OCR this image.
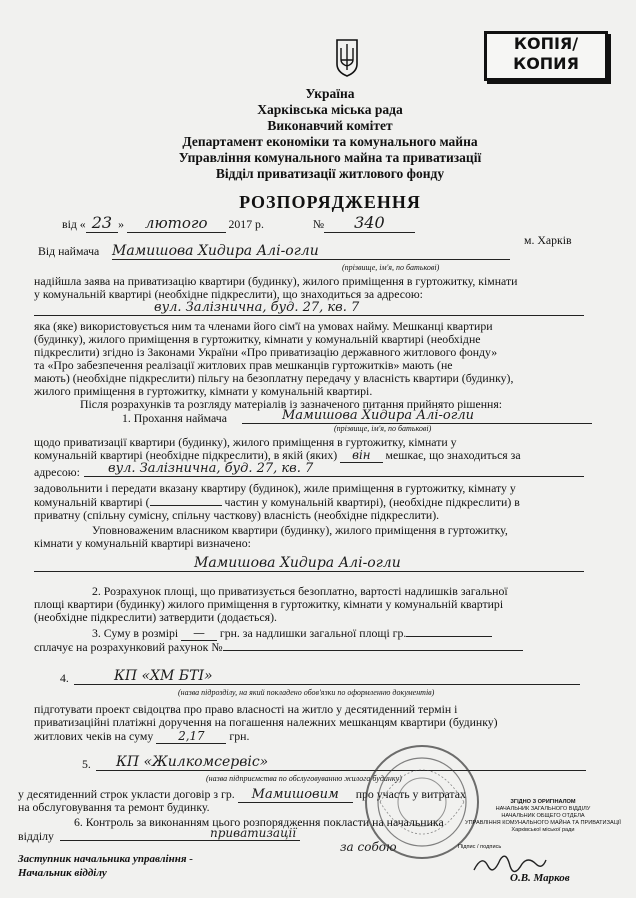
КОПІЯ/
КОПИЯ
Україна
Харківська міська рада
Виконавчий комітет
Департамент економіки та комунального майна
Управління комунального майна та приватизації
Відділ приватизації житлового фонду
РОЗПОРЯДЖЕННЯ
від « 23 » лютого 2017 р.	№ 340
м. Харків
Від наймача Мамишова Хидира Алі-огли
(прізвище, ім'я, по батькові)
надійшла заява на приватизацію квартири (будинку), жилого приміщення в гуртожитку, кімнати
у комунальній квартирі (необхідне підкреслити), що знаходиться за адресою:
вул. Залізнична, буд. 27, кв. 7
яка (яке) використовується ним та членами його сім'ї на умовах найму. Мешканці квартири
(будинку), жилого приміщення в гуртожитку, кімнати у комунальній квартирі (необхідне
підкреслити) згідно із Законами України «Про приватизацію державного житлового фонду»
та «Про забезпечення реалізації житлових прав мешканців гуртожитків» мають (не
мають) (необхідне підкреслити) пільгу на безоплатну передачу у власність квартири (будинку),
жилого приміщення в гуртожитку, кімнати у комунальній квартирі.
Після розрахунків та розгляду матеріалів із зазначеного питання прийнято рішення:
1. Прохання наймача	Мамишова Хидира Алі-огли
(прізвище, ім'я, по батькові)
щодо приватизації квартири (будинку), жилого приміщення в гуртожитку, кімнати у
комунальній квартирі (необхідне підкреслити), в якій (яких) він мешкає, що знаходиться за
адресою:	вул. Залізнична, буд. 27, кв. 7
задовольнити і передати вказану квартиру (будинок), жиле приміщення в гуртожитку, кімнату у
комунальній квартирі (	частин у комунальній квартирі), (необхідне підкреслити) в
приватну (спільну сумісну, спільну часткову) власність (необхідне підкреслити).
Уповноваженим власником квартири (будинку), жилого приміщення в гуртожитку,
кімнати у комунальній квартирі визначено:
Мамишова Хидира Алі-огли
2. Розрахунок площі, що приватизується безоплатно, вартості надлишків загальної
площі квартири (будинку) жилого приміщення в гуртожитку, кімнати у комунальній квартирі
(необхідне підкреслити) затвердити (додається).
3. Суму в розмірі — грн. за надлишки загальної площі гр.
сплачує на розрахунковий рахунок №
4.	КП «ХМ БТІ»
(назва підрозділу, на який покладено обов'язки по оформленню документів)
підготувати проект свідоцтва про право власності на житло у десятиденний термін і
приватизаційні платіжні доручення на погашення належних мешканцям квартири (будинку)
житлових чеків на суму 2,17 грн.
5.	КП «Жилкомсервіс»
(назва підприємства по обслуговуванню жилого будинку)
у десятиденний строк укласти договір з гр. Мамишовим про участь у витратах
на обслуговування та ремонт будинку.
6. Контроль за виконанням цього розпорядження покласти на начальника
відділу	приватизації
за собою
Заступник начальника управління -
Начальник відділу
ЗГІДНО З ОРИГІНАЛОМ
НАЧАЛЬНИК ЗАГАЛЬНОГО ВІДДІЛУ
НАЧАЛЬНИК ОБЩЕГО ОТДЕЛА
УПРАВЛІННЯ КОМУНАЛЬНОГО МАЙНА ТА ПРИВАТИЗАЦІЇ
Харківської міської ради
Підпис / подпись
О.В. Марков
